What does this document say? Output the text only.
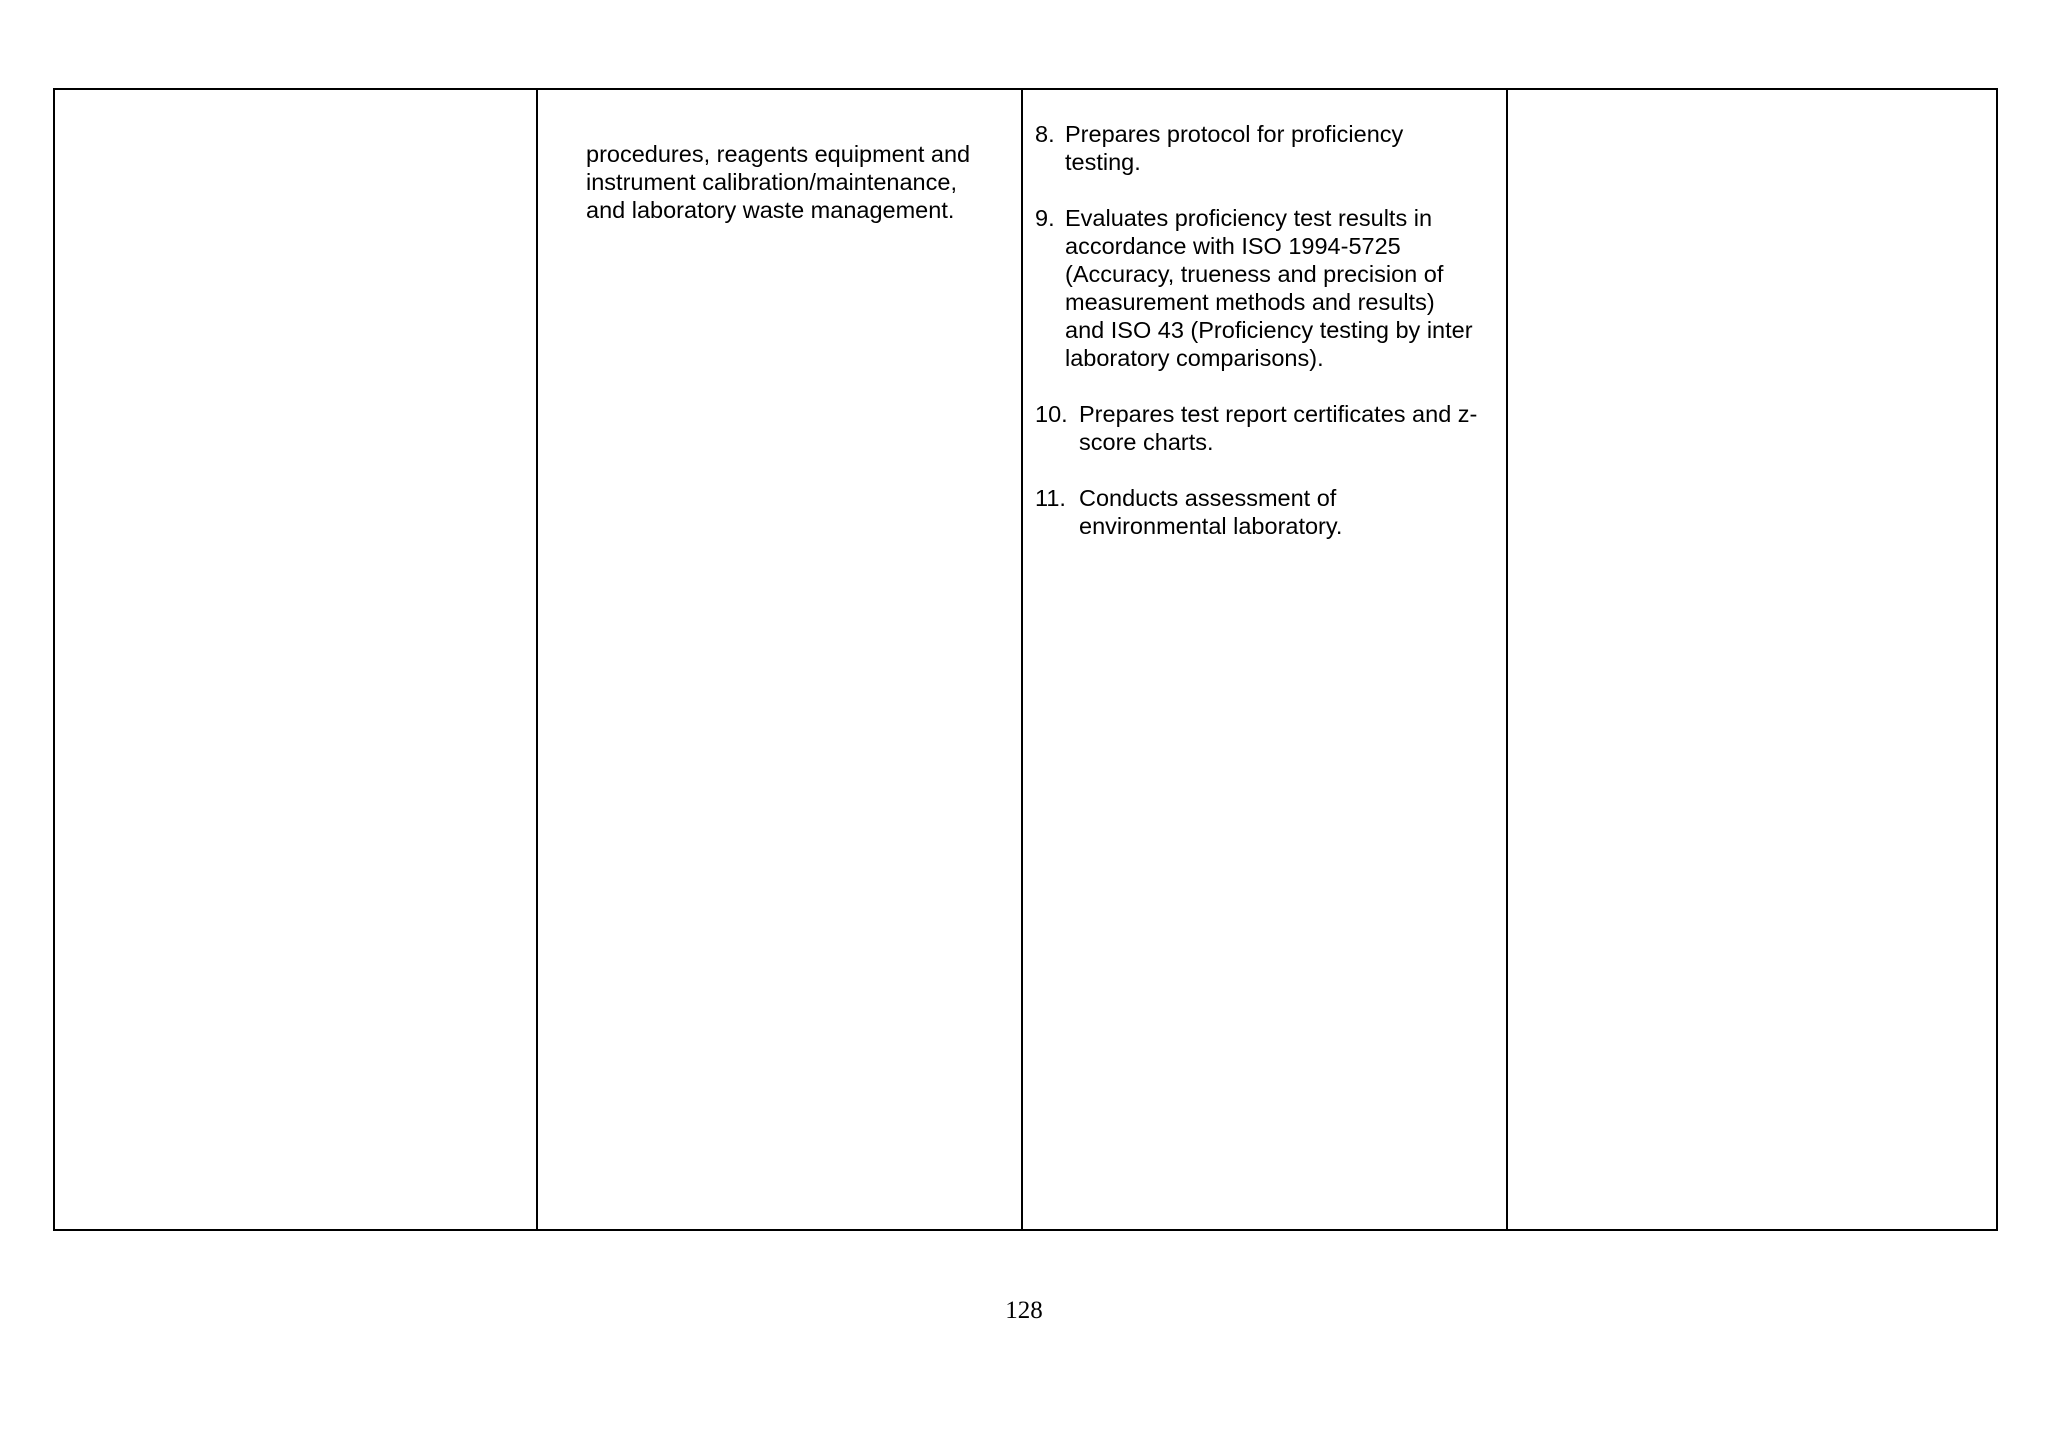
procedures, reagents equipment and
instrument calibration/maintenance,
and laboratory waste management.
8. Prepares protocol for proficiency
testing.
9. Evaluates proficiency test results in
accordance with ISO 1994-5725
(Accuracy, trueness and precision of
measurement methods and results)
and ISO 43 (Proficiency testing by inter
laboratory comparisons).
10. Prepares test report certificates and z-
score charts.
11. Conducts assessment of
environmental laboratory.
128
